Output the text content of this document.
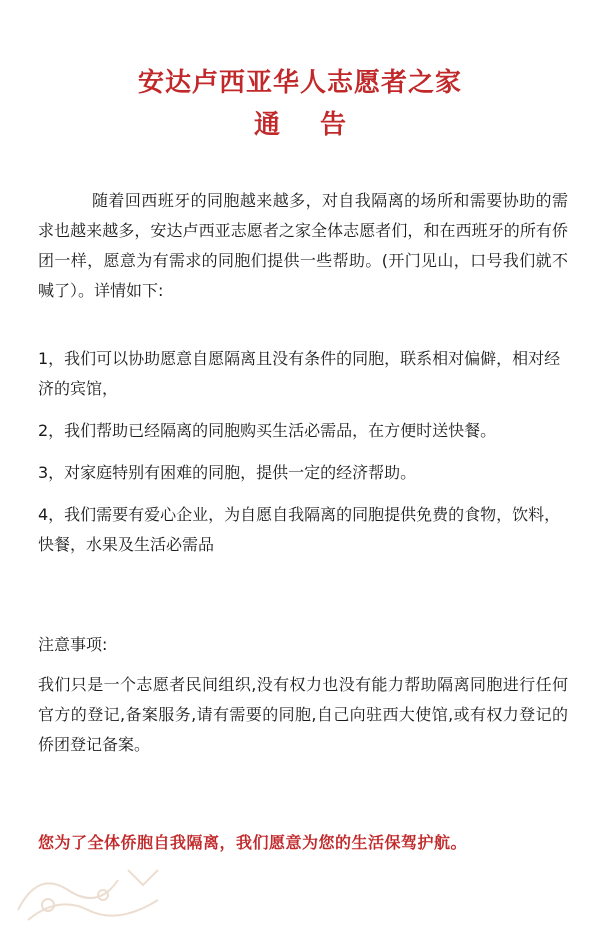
安达卢西亚华人志愿者之家
通告
随着回西班牙的同胞越来越多，对自我隔离的场所和需要协助的需求也越来越多，安达卢西亚志愿者之家全体志愿者们，和在西班牙的所有侨团一样，愿意为有需求的同胞们提供一些帮助。(开门见山，口号我们就不喊了）。详情如下:

1，我们可以协助愿意自愿隔离且没有条件的同胞，联系相对偏僻，相对经济的宾馆，

2，我们帮助已经隔离的同胞购买生活必需品，在方便时送快餐。

3，对家庭特别有困难的同胞，提供一定的经济帮助。

4，我们需要有爱心企业，为自愿自我隔离的同胞提供免费的食物，饮料，快餐，水果及生活必需品

注意事项:
我们只是一个志愿者民间组织,没有权力也没有能力帮助隔离同胞进行任何官方的登记,备案服务,请有需要的同胞,自己向驻西大使馆,或有权力登记的侨团登记备案。
您为了全体侨胞自我隔离，我们愿意为您的生活保驾护航。
